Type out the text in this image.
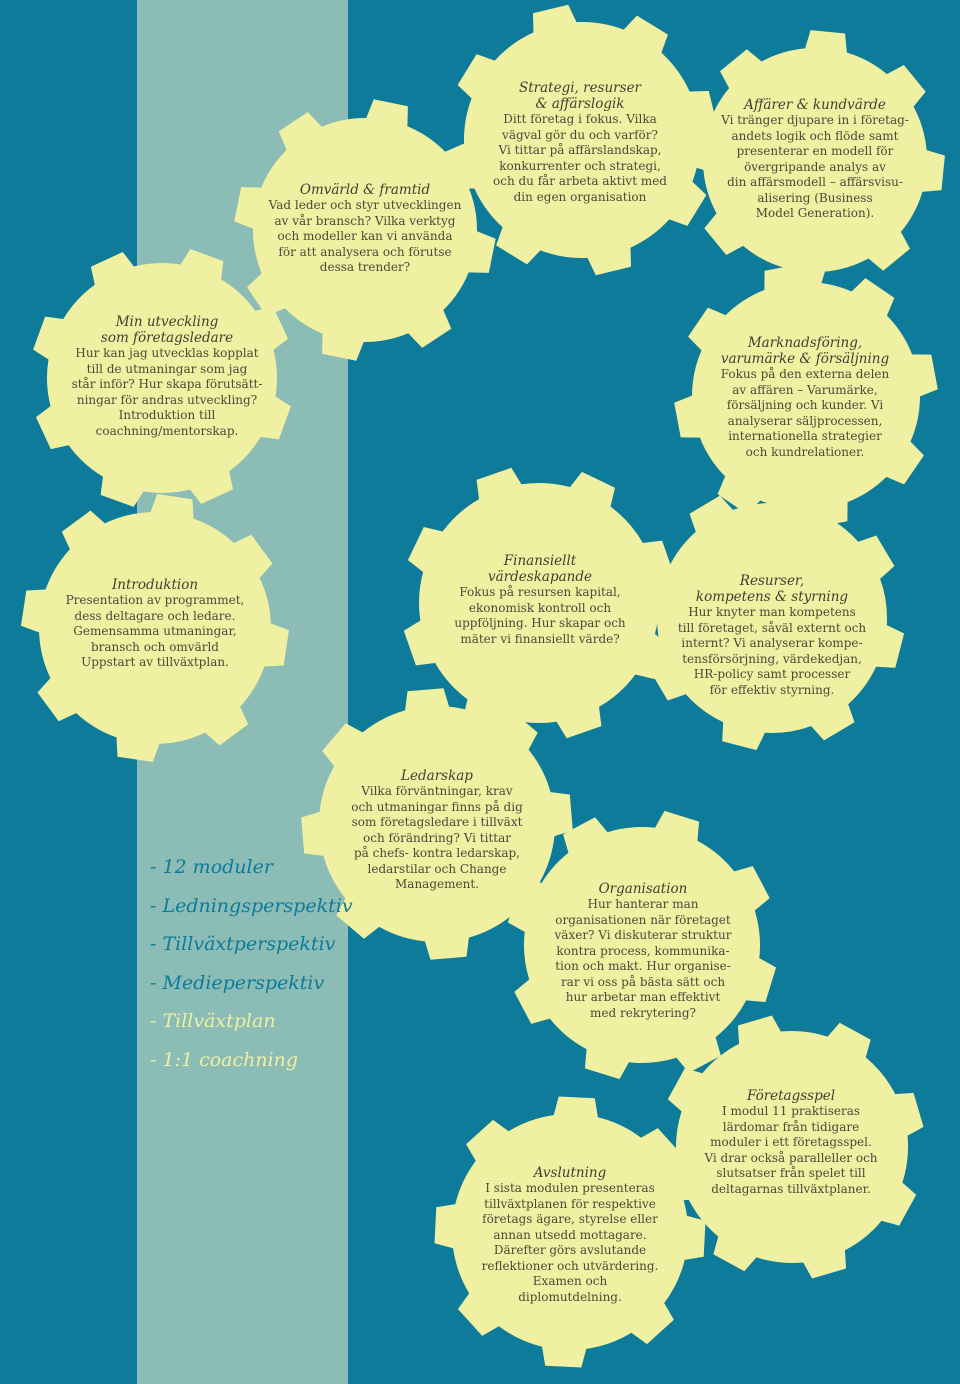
Omvärld & framtid
Vad leder och styr utvecklingen
av vår bransch? Vilka verktyg
och modeller kan vi använda
för att analysera och förutse
dessa trender?
Strategi, resurser
& affärslogik
Ditt företag i fokus. Vilka
vägval gör du och varför?
Vi tittar på affärslandskap,
konkurrenter och strategi,
och du får arbeta aktivt med
din egen organisation
Affärer & kundvärde
Vi tränger djupare in i företag-
andets logik och flöde samt
presenterar en modell för
övergripande analys av
din affärsmodell – affärsvisu-
alisering (Business
Model Generation).
Min utveckling
som företagsledare
Hur kan jag utvecklas kopplat
till de utmaningar som jag
står inför? Hur skapa förutsätt-
ningar för andras utveckling?
Introduktion till
coachning/mentorskap.
Marknadsföring,
varumärke & försäljning
Fokus på den externa delen
av affären – Varumärke,
försäljning och kunder. Vi
analyserar säljprocessen,
internationella strategier
och kundrelationer.
Introduktion
Presentation av programmet,
dess deltagare och ledare.
Gemensamma utmaningar,
bransch och omvärld
Uppstart av tillväxtplan.
Finansiellt
värdeskapande
Fokus på resursen kapital,
ekonomisk kontroll och
uppföljning. Hur skapar och
mäter vi finansiellt värde?
Resurser,
kompetens & styrning
Hur knyter man kompetens
till företaget, såväl externt och
internt? Vi analyserar kompe-
tensförsörjning, värdekedjan,
HR-policy samt processer
för effektiv styrning.
Ledarskap
Vilka förväntningar, krav
och utmaningar finns på dig
som företagsledare i tillväxt
och förändring? Vi tittar
på chefs- kontra ledarskap,
ledarstilar och Change
Management.	Organisation
Hur hanterar man
organisationen när företaget
växer? Vi diskuterar struktur
kontra process, kommunika-
tion och makt. Hur organise-
rar vi oss på bästa sätt och
hur arbetar man effektivt
med rekrytering?
Företagsspel
I modul 11 praktiseras
lärdomar från tidigare
moduler i ett företagsspel.
Vi drar också paralleller och
slutsatser från spelet till
deltagarnas tillväxtplaner.
Avslutning
I sista modulen presenteras
tillväxtplanen för respektive
företags ägare, styrelse eller
annan utsedd mottagare.
Därefter görs avslutande
reflektioner och utvärdering.
Examen och
diplomutdelning.
- 12 moduler
- Ledningsperspektiv
- Tillväxtperspektiv
- Medieperspektiv
- Tillväxtplan
- 1:1 coachning
